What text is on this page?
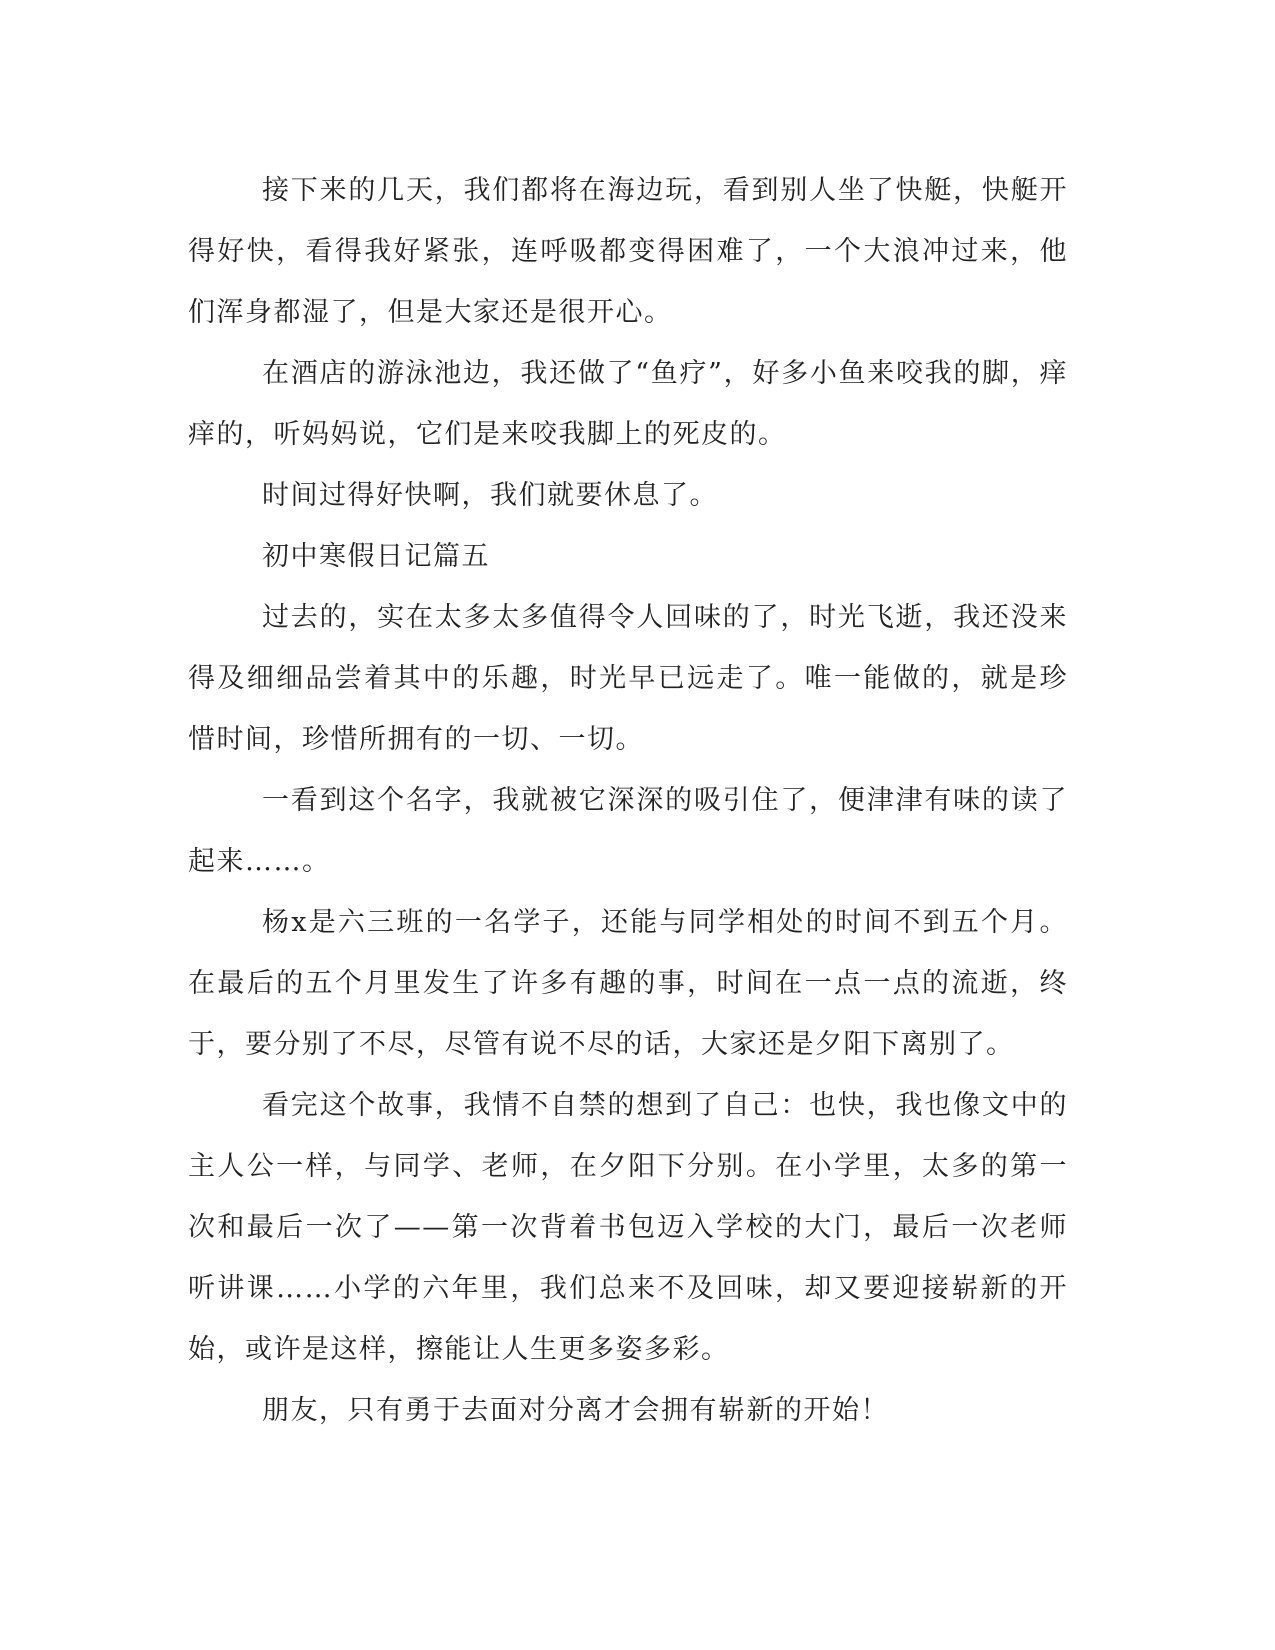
接下来的几天，我们都将在海边玩，看到别人坐了快艇，快艇开得好快，看得我好紧张，连呼吸都变得困难了，一个大浪冲过来，他们浑身都湿了，但是大家还是很开心。

在酒店的游泳池边，我还做了“鱼疗”，好多小鱼来咬我的脚，痒痒的，听妈妈说，它们是来咬我脚上的死皮的。

时间过得好快啊，我们就要休息了。

初中寒假日记篇五

过去的，实在太多太多值得令人回味的了，时光飞逝，我还没来得及细细品尝着其中的乐趣，时光早已远走了。唯一能做的，就是珍惜时间，珍惜所拥有的一切、一切。

一看到这个名字，我就被它深深的吸引住了，便津津有味的读了起来……。

杨x是六三班的一名学子，还能与同学相处的时间不到五个月。在最后的五个月里发生了许多有趣的事，时间在一点一点的流逝，终于，要分别了不尽，尽管有说不尽的话，大家还是夕阳下离别了。

看完这个故事，我情不自禁的想到了自己：也快，我也像文中的主人公一样，与同学、老师，在夕阳下分别。在小学里，太多的第一次和最后一次了——第一次背着书包迈入学校的大门，最后一次老师听讲课……小学的六年里，我们总来不及回味，却又要迎接崭新的开始，或许是这样，擦能让人生更多姿多彩。

朋友，只有勇于去面对分离才会拥有崭新的开始！
